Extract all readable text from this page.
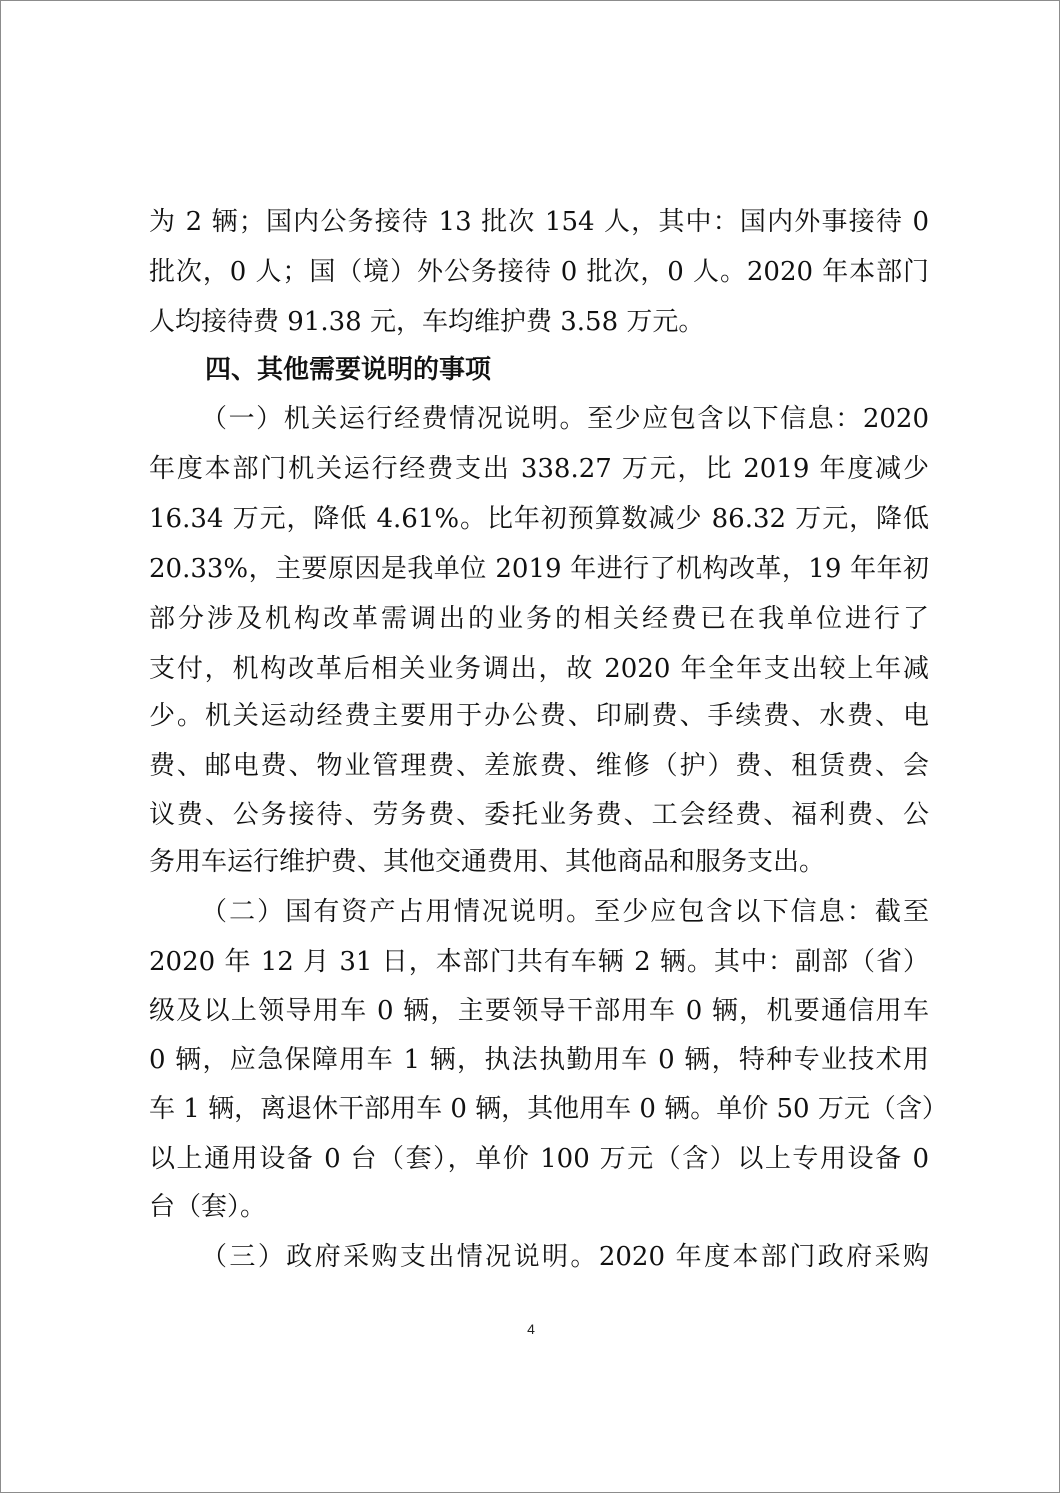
为 2 辆；国内公务接待 13 批次 154 人，其中：国内外事接待 0
批次，0 人；国（境）外公务接待 0 批次，0 人。2020 年本部门
人均接待费 91.38 元，车均维护费 3.58 万元。
四、其他需要说明的事项
（一）机关运行经费情况说明。至少应包含以下信息：2020
年度本部门机关运行经费支出 338.27 万元，比 2019 年度减少
16.34 万元，降低 4.61%。比年初预算数减少 86.32 万元，降低
20.33%，主要原因是我单位 2019 年进行了机构改革，19 年年初
部分涉及机构改革需调出的业务的相关经费已在我单位进行了
支付，机构改革后相关业务调出，故 2020 年全年支出较上年减
少。机关运动经费主要用于办公费、印刷费、手续费、水费、电
费、邮电费、物业管理费、差旅费、维修（护）费、租赁费、会
议费、公务接待、劳务费、委托业务费、工会经费、福利费、公
务用车运行维护费、其他交通费用、其他商品和服务支出。
（二）国有资产占用情况说明。至少应包含以下信息：截至
2020 年 12 月 31 日，本部门共有车辆 2 辆。其中：副部（省）
级及以上领导用车 0 辆，主要领导干部用车 0 辆，机要通信用车
0 辆，应急保障用车 1 辆，执法执勤用车 0 辆，特种专业技术用
车 1 辆，离退休干部用车 0 辆，其他用车 0 辆。单价 50 万元（含）
以上通用设备 0 台（套），单价 100 万元（含）以上专用设备 0
台（套）。
（三）政府采购支出情况说明。2020 年度本部门政府采购
4
